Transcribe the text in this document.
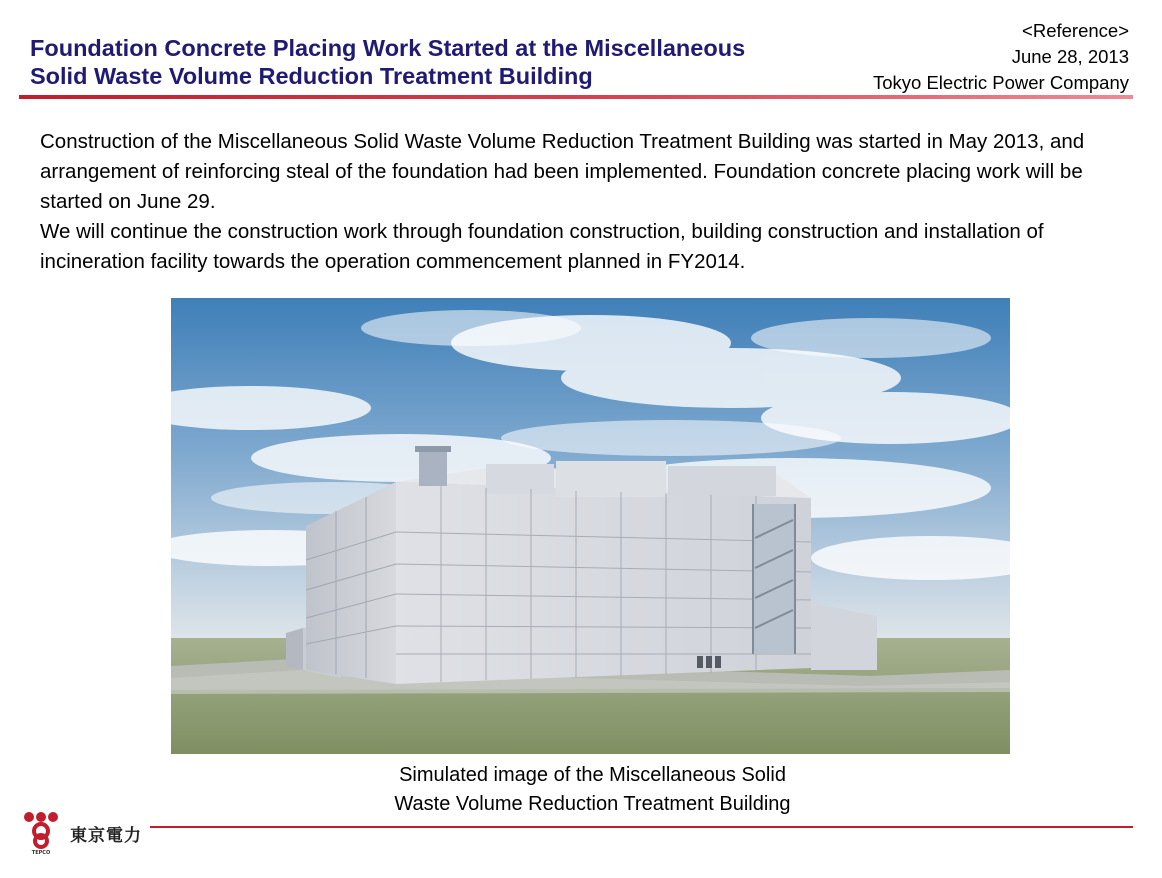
Foundation Concrete Placing Work Started at the Miscellaneous
Solid Waste Volume Reduction Treatment Building
<Reference>
June 28, 2013
Tokyo Electric Power Company

Construction of the Miscellaneous Solid Waste Volume Reduction Treatment Building was started in May 2013, and arrangement of reinforcing steal of the foundation had been implemented. Foundation concrete placing work will be started on June 29.

We will continue the construction work through foundation construction, building construction and installation of incineration facility towards the operation commencement planned in FY2014.

Simulated image of the Miscellaneous Solid
Waste Volume Reduction Treatment Building
TEPCO
東京電力
